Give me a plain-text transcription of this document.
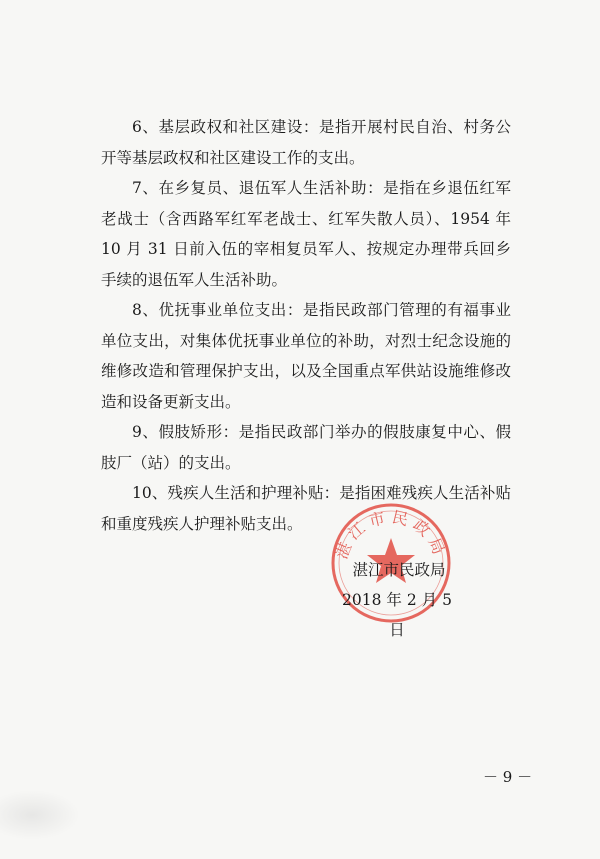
6、基层政权和社区建设：是指开展村民自治、村务公开等基层政权和社区建设工作的支出。

7、在乡复员、退伍军人生活补助：是指在乡退伍红军老战士（含西路军红军老战士、红军失散人员）、1954 年 10 月 31 日前入伍的宰相复员军人、按规定办理带兵回乡手续的退伍军人生活补助。

8、优抚事业单位支出：是指民政部门管理的有福事业单位支出，对集体优抚事业单位的补助，对烈士纪念设施的维修改造和管理保护支出，以及全国重点军供站设施维修改造和设备更新支出。

9、假肢矫形：是指民政部门举办的假肢康复中心、假肢厂（站）的支出。

10、残疾人生活和护理补贴：是指困难残疾人生活补贴和重度残疾人护理补贴支出。

湛江市民政局
湛江市民政局
2018 年 2 月 5 日
－ 9 －
